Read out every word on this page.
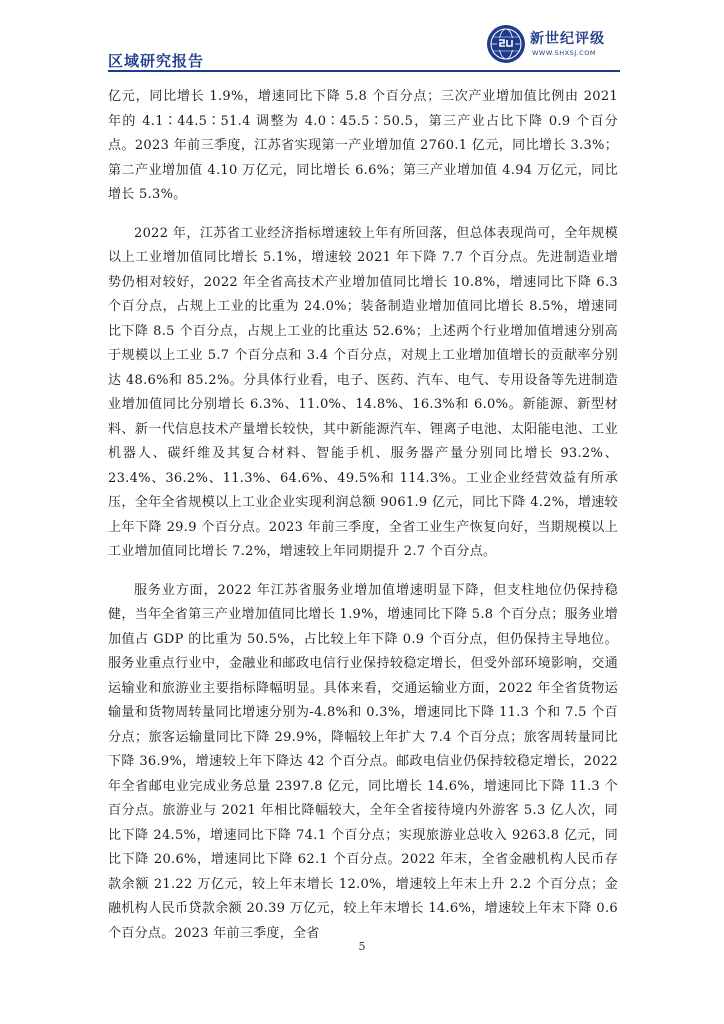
新世纪评级
WWW.SHXSJ.COM
区域研究报告

亿元，同比增长 1.9%，增速同比下降 5.8 个百分点；三次产业增加值比例由 2021 年的 4.1∶44.5∶51.4 调整为 4.0∶45.5∶50.5，第三产业占比下降 0.9 个百分点。2023 年前三季度，江苏省实现第一产业增加值 2760.1 亿元，同比增长 3.3%；第二产业增加值 4.10 万亿元，同比增长 6.6%；第三产业增加值 4.94 万亿元，同比增长 5.3%。

2022 年，江苏省工业经济指标增速较上年有所回落，但总体表现尚可，全年规模以上工业增加值同比增长 5.1%，增速较 2021 年下降 7.7 个百分点。先进制造业增势仍相对较好，2022 年全省高技术产业增加值同比增长 10.8%，增速同比下降 6.3 个百分点，占规上工业的比重为 24.0%；装备制造业增加值同比增长 8.5%，增速同比下降 8.5 个百分点，占规上工业的比重达 52.6%；上述两个行业增加值增速分别高于规模以上工业 5.7 个百分点和 3.4 个百分点，对规上工业增加值增长的贡献率分别达 48.6%和 85.2%。分具体行业看，电子、医药、汽车、电气、专用设备等先进制造业增加值同比分别增长 6.3%、11.0%、14.8%、16.3%和 6.0%。新能源、新型材料、新一代信息技术产量增长较快，其中新能源汽车、锂离子电池、太阳能电池、工业机器人、碳纤维及其复合材料、智能手机、服务器产量分别同比增长 93.2%、23.4%、36.2%、11.3%、64.6%、49.5%和 114.3%。工业企业经营效益有所承压，全年全省规模以上工业企业实现利润总额 9061.9 亿元，同比下降 4.2%，增速较上年下降 29.9 个百分点。2023 年前三季度，全省工业生产恢复向好，当期规模以上工业增加值同比增长 7.2%，增速较上年同期提升 2.7 个百分点。

服务业方面，2022 年江苏省服务业增加值增速明显下降，但支柱地位仍保持稳健，当年全省第三产业增加值同比增长 1.9%，增速同比下降 5.8 个百分点；服务业增加值占 GDP 的比重为 50.5%，占比较上年下降 0.9 个百分点，但仍保持主导地位。服务业重点行业中，金融业和邮政电信行业保持较稳定增长，但受外部环境影响，交通运输业和旅游业主要指标降幅明显。具体来看，交通运输业方面，2022 年全省货物运输量和货物周转量同比增速分别为-4.8%和 0.3%，增速同比下降 11.3 个和 7.5 个百分点；旅客运输量同比下降 29.9%，降幅较上年扩大 7.4 个百分点；旅客周转量同比下降 36.9%，增速较上年下降达 42 个百分点。邮政电信业仍保持较稳定增长，2022 年全省邮电业完成业务总量 2397.8 亿元，同比增长 14.6%，增速同比下降 11.3 个百分点。旅游业与 2021 年相比降幅较大，全年全省接待境内外游客 5.3 亿人次，同比下降 24.5%，增速同比下降 74.1 个百分点；实现旅游业总收入 9263.8 亿元，同比下降 20.6%，增速同比下降 62.1 个百分点。2022 年末，全省金融机构人民币存款余额 21.22 万亿元，较上年末增长 12.0%，增速较上年末上升 2.2 个百分点；金融机构人民币贷款余额 20.39 万亿元，较上年末增长 14.6%，增速较上年末下降 0.6 个百分点。2023 年前三季度，全省

5
